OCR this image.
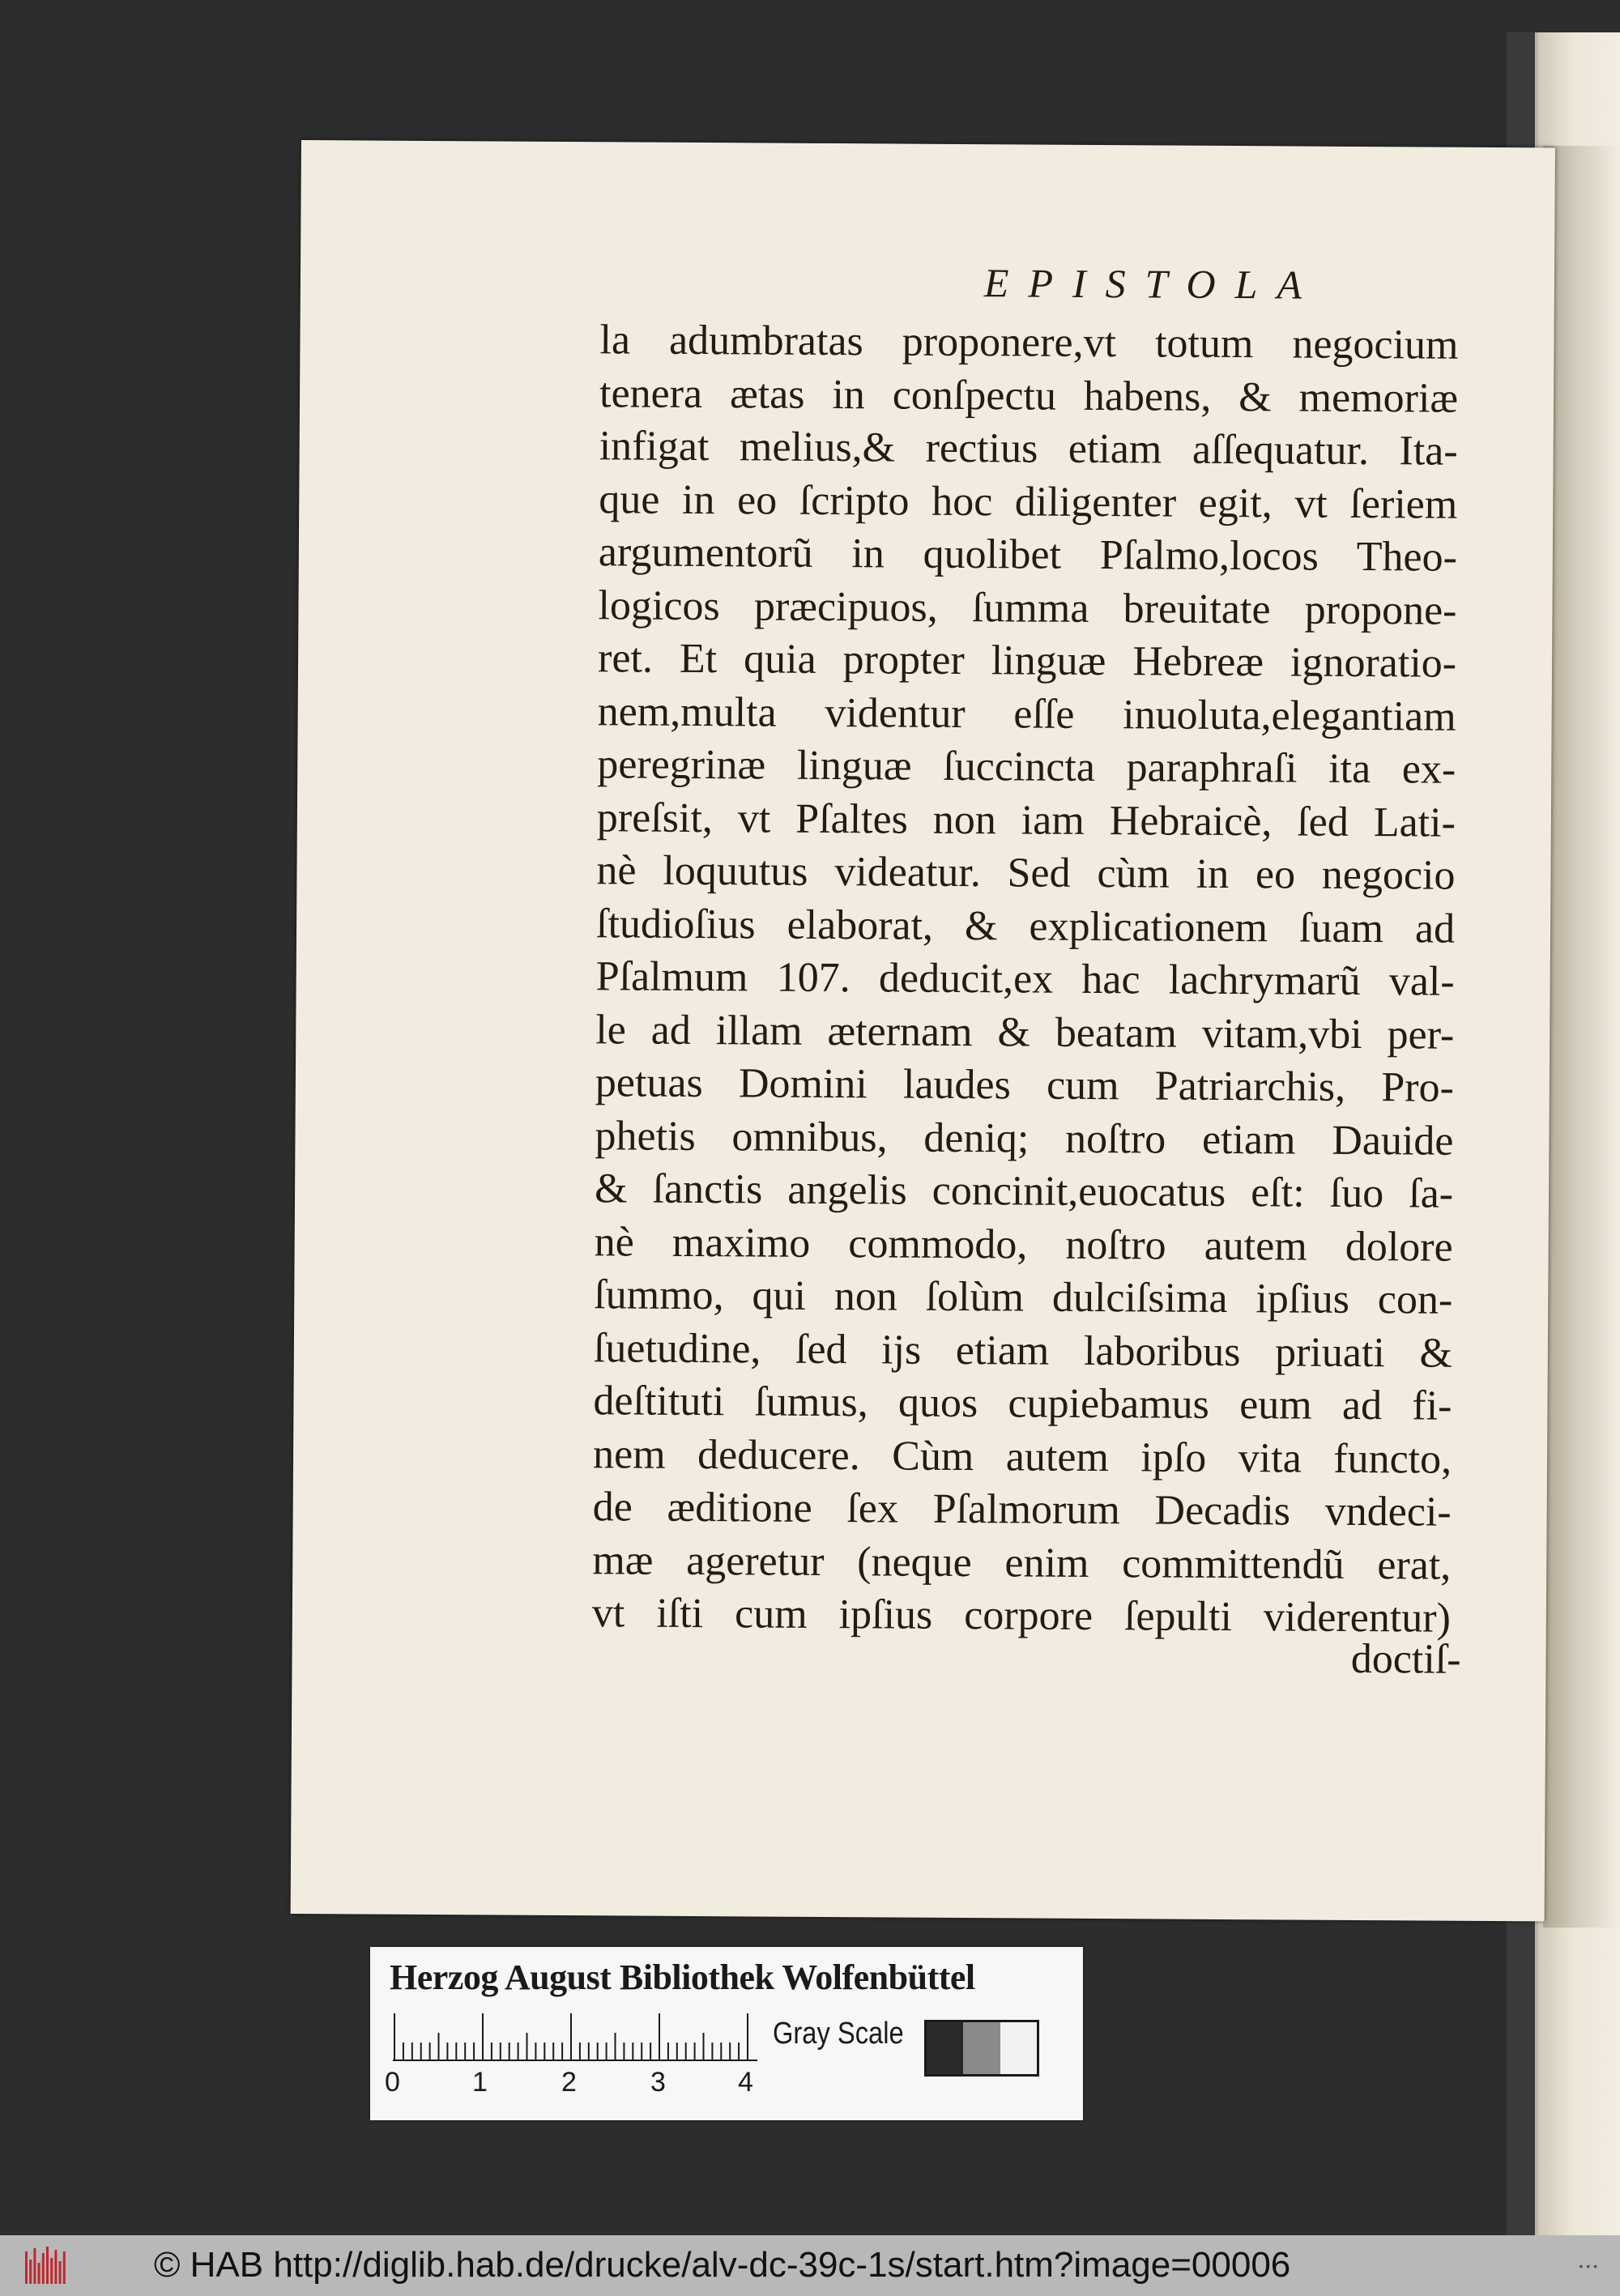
EPISTOLA
la adumbratas proponere,vt totum negocium
tenera ætas in conſpectu habens, & memoriæ
infigat melius,& rectius etiam aſſequatur. Ita-
que in eo ſcripto hoc diligenter egit, vt ſeriem
argumentorũ in quolibet Pſalmo,locos Theo-
logicos præcipuos, ſumma breuitate propone-
ret. Et quia propter linguæ Hebreæ ignoratio-
nem,multa videntur eſſe inuoluta,elegantiam
peregrinæ linguæ ſuccincta paraphraſi ita ex-
preſsit, vt Pſaltes non iam Hebraicè, ſed Lati-
nè loquutus videatur. Sed cùm in eo negocio
ſtudioſius elaborat, & explicationem ſuam ad
Pſalmum 107. deducit,ex hac lachrymarũ val-
le ad illam æternam & beatam vitam,vbi per-
petuas Domini laudes cum Patriarchis, Pro-
phetis omnibus, deniq; noſtro etiam Dauide
& ſanctis angelis concinit,euocatus eſt: ſuo ſa-
nè maximo commodo, noſtro autem dolore
ſummo, qui non ſolùm dulciſsima ipſius con-
ſuetudine, ſed ijs etiam laboribus priuati &
deſtituti ſumus, quos cupiebamus eum ad fi-
nem deducere. Cùm autem ipſo vita functo,
de æditione ſex Pſalmorum Decadis vndeci-
mæ ageretur (neque enim committendũ erat,
vt iſti cum ipſius corpore ſepulti viderentur)
doctiſ-
Herzog August Bibliothek Wolfenbüttel
0	1	2	3	4
Gray Scale
© HAB http://diglib.hab.de/drucke/alv-dc-39c-1s/start.htm?image=00006	• • •
